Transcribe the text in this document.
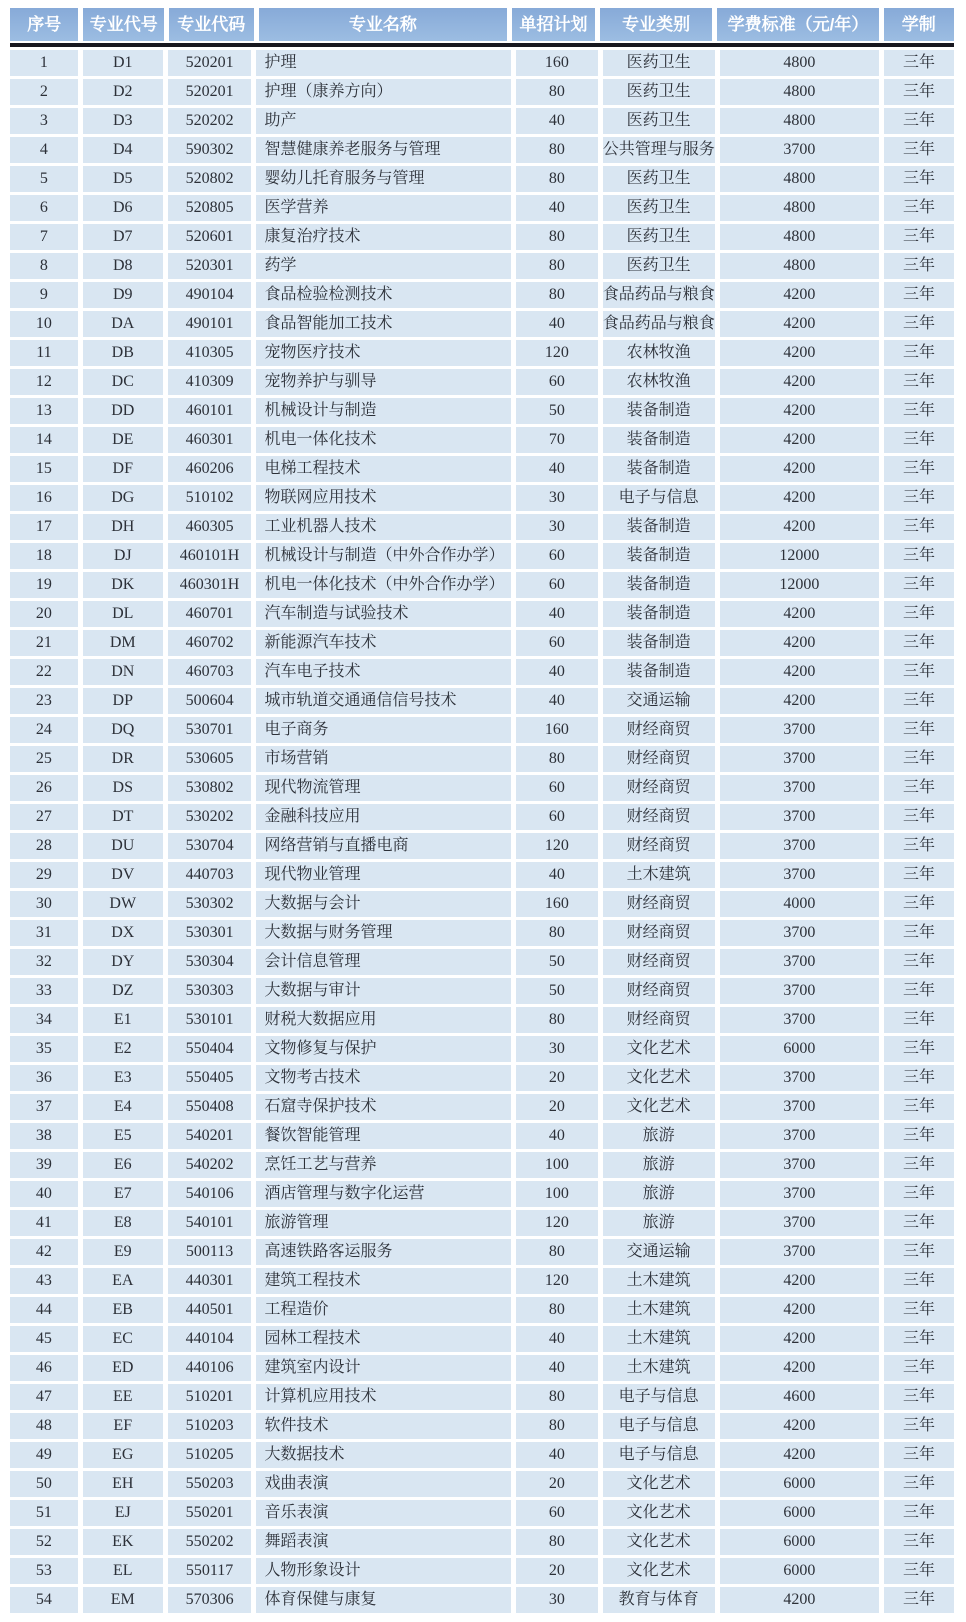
序号	专业代号	专业代码	专业名称	单招计划	专业类别	学费标准（元/年）	学制
1	D1	520201	护理	160	医药卫生	4800	三年
2	D2	520201	护理（康养方向）	80	医药卫生	4800	三年
3	D3	520202	助产	40	医药卫生	4800	三年
4	D4	590302	智慧健康养老服务与管理	80	公共管理与服务	3700	三年
5	D5	520802	婴幼儿托育服务与管理	80	医药卫生	4800	三年
6	D6	520805	医学营养	40	医药卫生	4800	三年
7	D7	520601	康复治疗技术	80	医药卫生	4800	三年
8	D8	520301	药学	80	医药卫生	4800	三年
9	D9	490104	食品检验检测技术	80	食品药品与粮食	4200	三年
10	DA	490101	食品智能加工技术	40	食品药品与粮食	4200	三年
11	DB	410305	宠物医疗技术	120	农林牧渔	4200	三年
12	DC	410309	宠物养护与驯导	60	农林牧渔	4200	三年
13	DD	460101	机械设计与制造	50	装备制造	4200	三年
14	DE	460301	机电一体化技术	70	装备制造	4200	三年
15	DF	460206	电梯工程技术	40	装备制造	4200	三年
16	DG	510102	物联网应用技术	30	电子与信息	4200	三年
17	DH	460305	工业机器人技术	30	装备制造	4200	三年
18	DJ	460101H	机械设计与制造（中外合作办学）	60	装备制造	12000	三年
19	DK	460301H	机电一体化技术（中外合作办学）	60	装备制造	12000	三年
20	DL	460701	汽车制造与试验技术	40	装备制造	4200	三年
21	DM	460702	新能源汽车技术	60	装备制造	4200	三年
22	DN	460703	汽车电子技术	40	装备制造	4200	三年
23	DP	500604	城市轨道交通通信信号技术	40	交通运输	4200	三年
24	DQ	530701	电子商务	160	财经商贸	3700	三年
25	DR	530605	市场营销	80	财经商贸	3700	三年
26	DS	530802	现代物流管理	60	财经商贸	3700	三年
27	DT	530202	金融科技应用	60	财经商贸	3700	三年
28	DU	530704	网络营销与直播电商	120	财经商贸	3700	三年
29	DV	440703	现代物业管理	40	土木建筑	3700	三年
30	DW	530302	大数据与会计	160	财经商贸	4000	三年
31	DX	530301	大数据与财务管理	80	财经商贸	3700	三年
32	DY	530304	会计信息管理	50	财经商贸	3700	三年
33	DZ	530303	大数据与审计	50	财经商贸	3700	三年
34	E1	530101	财税大数据应用	80	财经商贸	3700	三年
35	E2	550404	文物修复与保护	30	文化艺术	6000	三年
36	E3	550405	文物考古技术	20	文化艺术	3700	三年
37	E4	550408	石窟寺保护技术	20	文化艺术	3700	三年
38	E5	540201	餐饮智能管理	40	旅游	3700	三年
39	E6	540202	烹饪工艺与营养	100	旅游	3700	三年
40	E7	540106	酒店管理与数字化运营	100	旅游	3700	三年
41	E8	540101	旅游管理	120	旅游	3700	三年
42	E9	500113	高速铁路客运服务	80	交通运输	3700	三年
43	EA	440301	建筑工程技术	120	土木建筑	4200	三年
44	EB	440501	工程造价	80	土木建筑	4200	三年
45	EC	440104	园林工程技术	40	土木建筑	4200	三年
46	ED	440106	建筑室内设计	40	土木建筑	4200	三年
47	EE	510201	计算机应用技术	80	电子与信息	4600	三年
48	EF	510203	软件技术	80	电子与信息	4200	三年
49	EG	510205	大数据技术	40	电子与信息	4200	三年
50	EH	550203	戏曲表演	20	文化艺术	6000	三年
51	EJ	550201	音乐表演	60	文化艺术	6000	三年
52	EK	550202	舞蹈表演	80	文化艺术	6000	三年
53	EL	550117	人物形象设计	20	文化艺术	6000	三年
54	EM	570306	体育保健与康复	30	教育与体育	4200	三年
